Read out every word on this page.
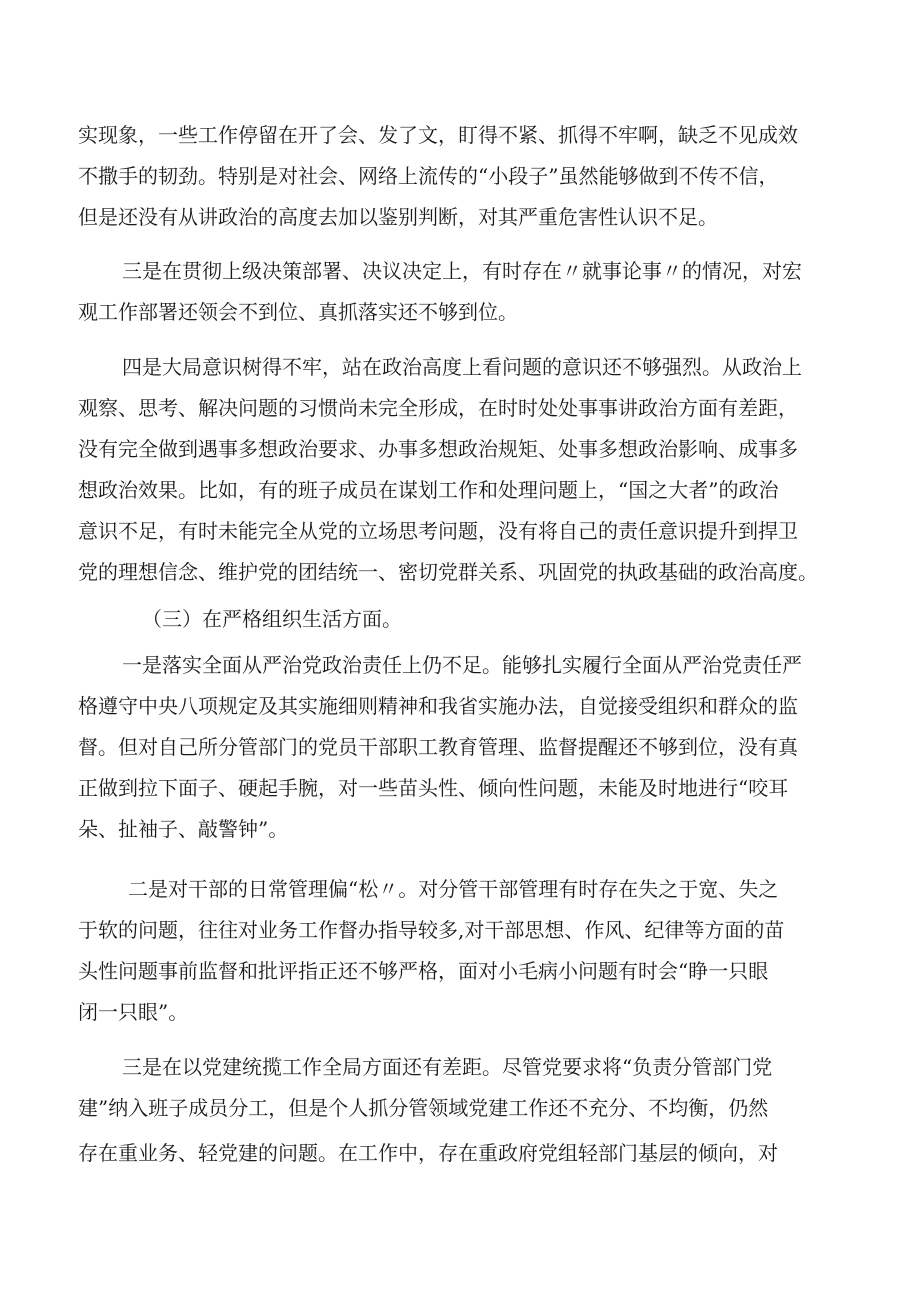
实现象，一些工作停留在开了会、发了文，盯得不紧、抓得不牢啊，缺乏不见成效
不撒手的韧劲。特别是对社会、网络上流传的“小段子”虽然能够做到不传不信，
但是还没有从讲政治的高度去加以鉴别判断，对其严重危害性认识不足。
三是在贯彻上级决策部署、决议决定上，有时存在〃就事论事〃的情况，对宏
观工作部署还领会不到位、真抓落实还不够到位。
四是大局意识树得不牢，站在政治高度上看问题的意识还不够强烈。从政治上
观察、思考、解决问题的习惯尚未完全形成，在时时处处事事讲政治方面有差距，
没有完全做到遇事多想政治要求、办事多想政治规矩、处事多想政治影响、成事多
想政治效果。比如，有的班子成员在谋划工作和处理问题上，“国之大者”的政治
意识不足，有时未能完全从党的立场思考问题，没有将自己的责任意识提升到捍卫
党的理想信念、维护党的团结统一、密切党群关系、巩固党的执政基础的政治高度。
（三）在严格组织生活方面。
一是落实全面从严治党政治责任上仍不足。能够扎实履行全面从严治党责任严
格遵守中央八项规定及其实施细则精神和我省实施办法，自觉接受组织和群众的监
督。但对自己所分管部门的党员干部职工教育管理、监督提醒还不够到位，没有真
正做到拉下面子、硬起手腕，对一些苗头性、倾向性问题，未能及时地进行“咬耳
朵、扯袖子、敲警钟”。
二是对干部的日常管理偏“松〃。对分管干部管理有时存在失之于宽、失之
于软的问题，往往对业务工作督办指导较多,对干部思想、作风、纪律等方面的苗
头性问题事前监督和批评指正还不够严格，面对小毛病小问题有时会“睁一只眼
闭一只眼”。
三是在以党建统揽工作全局方面还有差距。尽管党要求将“负责分管部门党
建”纳入班子成员分工，但是个人抓分管领域党建工作还不充分、不均衡，仍然
存在重业务、轻党建的问题。在工作中，存在重政府党组轻部门基层的倾向，对
